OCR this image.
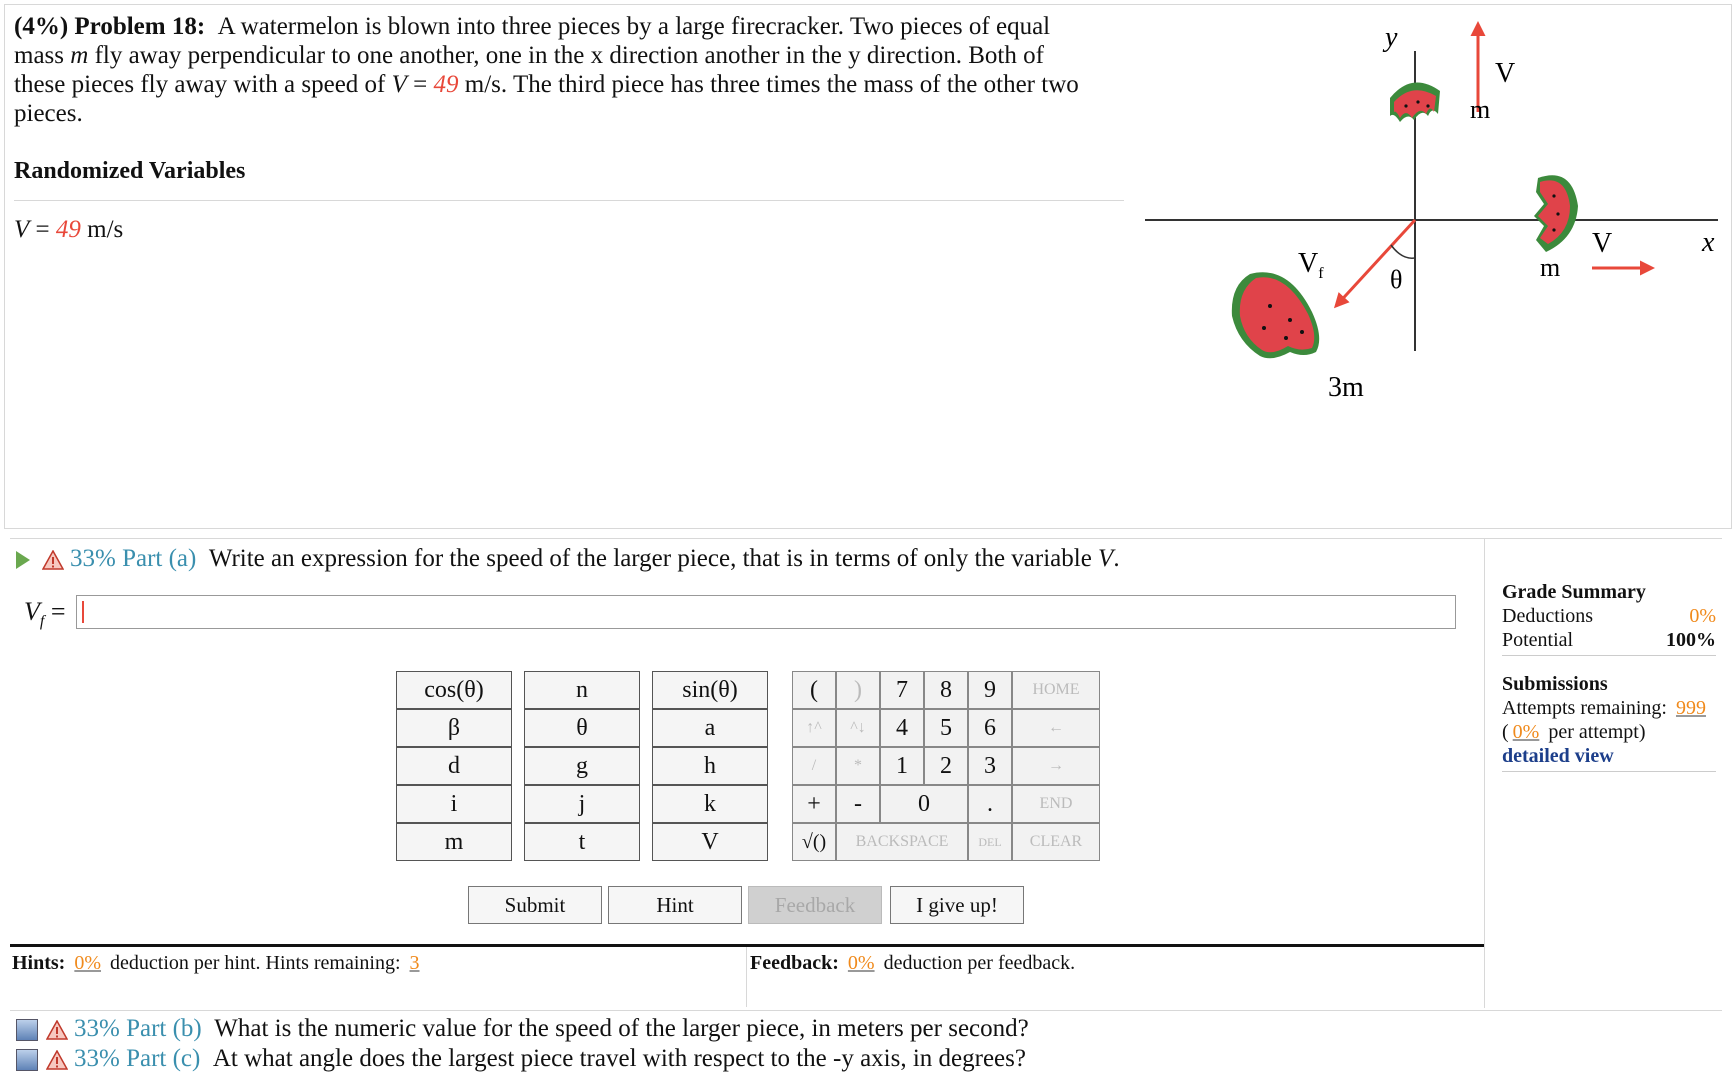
(4%) Problem 18: A watermelon is blown into three pieces by a large firecracker. Two pieces of equal
mass m fly away perpendicular to one another, one in the x direction another in the y direction. Both of
these pieces fly away with a speed of V = 49 m/s. The third piece has three times the mass of the other two
pieces.
Randomized Variables
V = 49 m/s
y
x
V
m
V
m
$V_f$	θ
3m
33% Part (a) Write an expression for the speed of the larger piece, that is in terms of only the variable V.
$V_f$ =
cos(θ)	n	sin(θ)
β	θ	a
d	g	h
i	j	k
m	t	V
(	)	7	8	9	HOME
↑^	^↓	4	5	6	←
/	*	1	2	3	→
+	-	0	.	END
√()	BACKSPACE	DEL	CLEAR
Submit	Hint	Feedback	I give up!
Hints: 0% deduction per hint. Hints remaining: 3	Feedback: 0% deduction per feedback.
Grade Summary
Deductions	0%
Potential	100%
Submissions
Attempts remaining: 999
( 0% per attempt)
detailed view
33% Part (b) What is the numeric value for the speed of the larger piece, in meters per second?
33% Part (c) At what angle does the largest piece travel with respect to the -y axis, in degrees?
